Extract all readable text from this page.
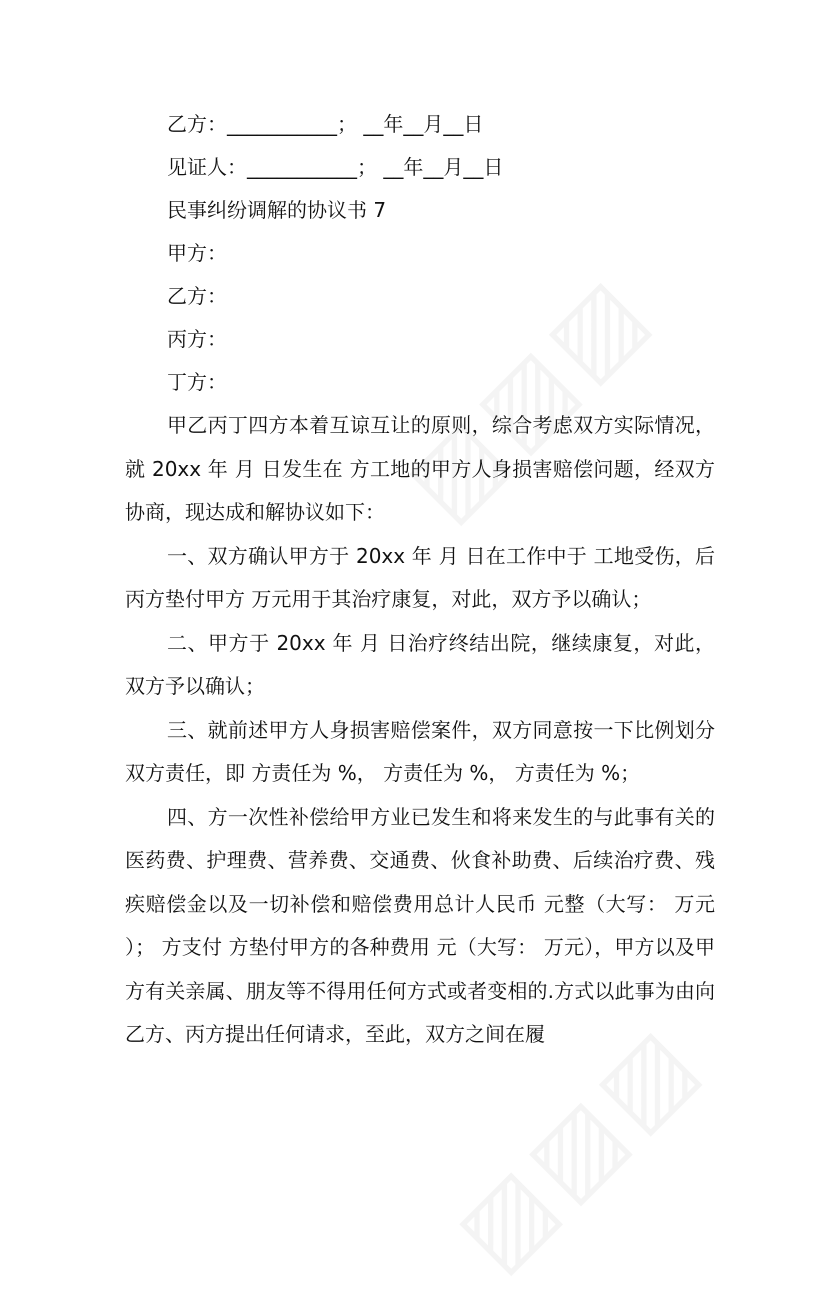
乙方：___________； __年__月__日
见证人：___________； __年__月__日
民事纠纷调解的协议书 7
甲方：
乙方：
丙方：
丁方：

甲乙丙丁四方本着互谅互让的原则，综合考虑双方实际情况，就 20xx 年 月 日发生在 方工地的甲方人身损害赔偿问题，经双方协商，现达成和解协议如下：

一、双方确认甲方于 20xx 年 月 日在工作中于 工地受伤，后丙方垫付甲方 万元用于其治疗康复，对此，双方予以确认；

二、甲方于 20xx 年 月 日治疗终结出院，继续康复，对此，双方予以确认；

三、就前述甲方人身损害赔偿案件，双方同意按一下比例划分双方责任，即 方责任为 %， 方责任为 %， 方责任为 %；

四、方一次性补偿给甲方业已发生和将来发生的与此事有关的医药费、护理费、营养费、交通费、伙食补助费、后续治疗费、残疾赔偿金以及一切补偿和赔偿费用总计人民币 元整（大写： 万元 ）； 方支付 方垫付甲方的各种费用 元（大写： 万元），甲方以及甲方有关亲属、朋友等不得用任何方式或者变相的.方式以此事为由向乙方、丙方提出任何请求，至此，双方之间在履
